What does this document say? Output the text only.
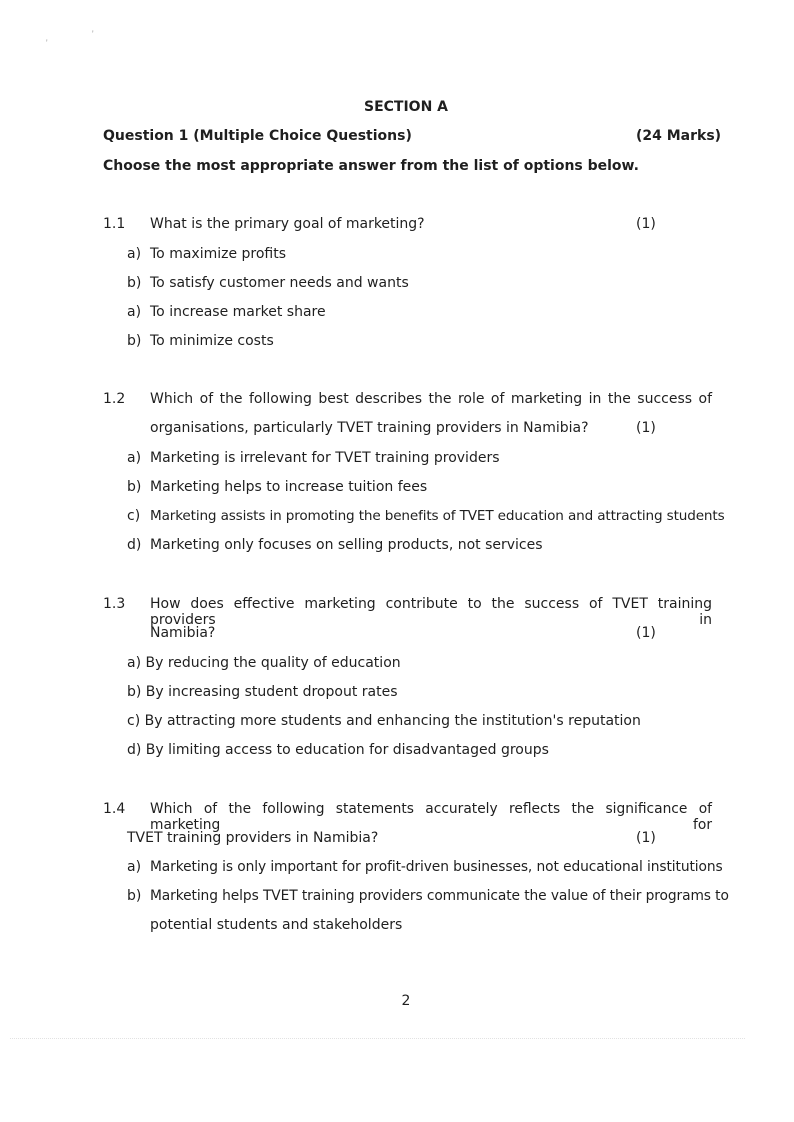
'
'
SECTION A
Question 1 (Multiple Choice Questions)	(24 Marks)
Choose the most appropriate answer from the list of options below.
1.1 What is the primary goal of marketing?	(1)
a) To maximize profits
b) To satisfy customer needs and wants
a) To increase market share
b) To minimize costs
1.2 Which of the following best describes the role of marketing in the success of
organisations, particularly TVET training providers in Namibia?	(1)
a) Marketing is irrelevant for TVET training providers
b) Marketing helps to increase tuition fees
c) Marketing assists in promoting the benefits of TVET education and attracting students
d) Marketing only focuses on selling products, not services
1.3 How does effective marketing contribute to the success of TVET training providers in
Namibia?	(1)
a) By reducing the quality of education
b) By increasing student dropout rates
c) By attracting more students and enhancing the institution's reputation
d) By limiting access to education for disadvantaged groups
1.4 Which of the following statements accurately reflects the significance of marketing for
TVET training providers in Namibia?	(1)
a) Marketing is only important for profit-driven businesses, not educational institutions
b) Marketing helps TVET training providers communicate the value of their programs to
potential students and stakeholders
2
